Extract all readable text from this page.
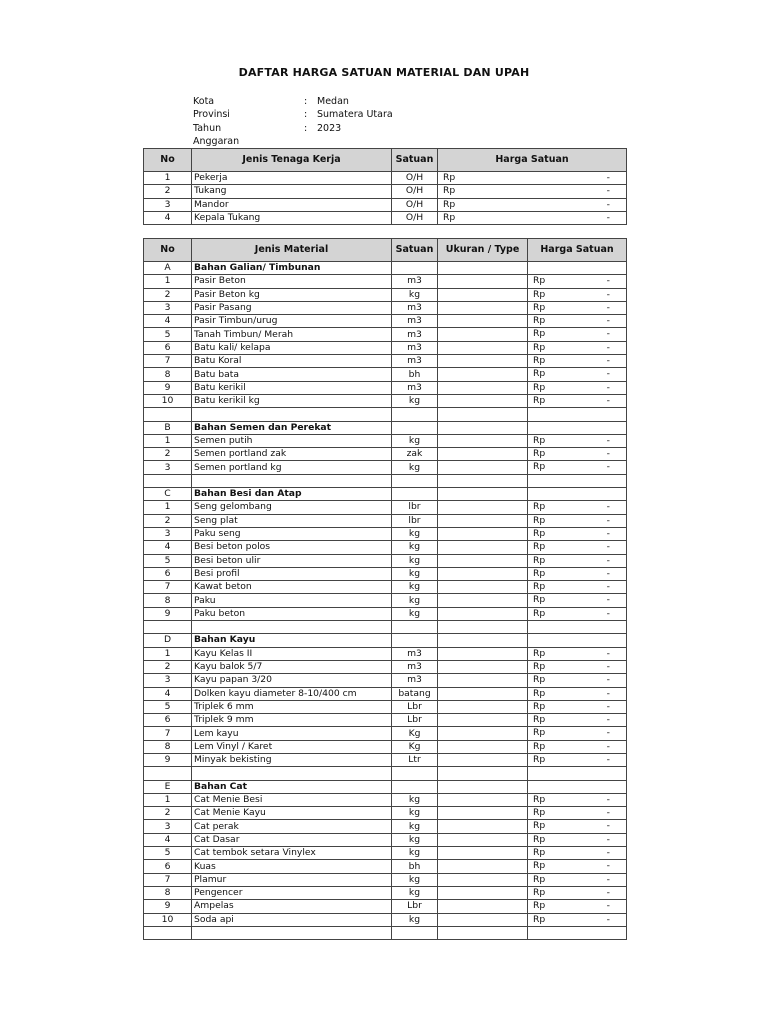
DAFTAR HARGA SATUAN MATERIAL DAN UPAH
Kota	: Medan
Provinsi	: Sumatera Utara
Tahun Anggaran
: 2023
No	Jenis Tenaga Kerja	Satuan	Harga Satuan
1	Pekerja	O/H	Rp -

2	Tukang	O/H	Rp -

3	Mandor	O/H	Rp -

4	Kepala Tukang	O/H	Rp -
No	Jenis Material	Satuan	Ukuran / Type	Harga Satuan
A	Bahan Galian/ Timbunan			
1	Pasir Beton	m3		Rp -

2	Pasir Beton kg	kg		Rp -

3	Pasir Pasang	m3		Rp -

4	Pasir Timbun/urug	m3		Rp -

5	Tanah Timbun/ Merah	m3		Rp -

6	Batu kali/ kelapa	m3		Rp -

7	Batu Koral	m3		Rp -

8	Batu bata	bh		Rp -

9	Batu kerikil	m3		Rp -

10	Batu kerikil kg	kg		Rp -

B	Bahan Semen dan Perekat			
1	Semen putih	kg		Rp -

2	Semen portland zak	zak		Rp -

3	Semen portland kg	kg		Rp -

C	Bahan Besi dan Atap			
1	Seng gelombang	lbr		Rp -

2	Seng plat	lbr		Rp -

3	Paku seng	kg		Rp -

4	Besi beton polos	kg		Rp -

5	Besi beton ulir	kg		Rp -

6	Besi profil	kg		Rp -

7	Kawat beton	kg		Rp -

8	Paku	kg		Rp -

9	Paku beton	kg		Rp -

D	Bahan Kayu			
1	Kayu Kelas II	m3		Rp -

2	Kayu balok 5/7	m3		Rp -

3	Kayu papan 3/20	m3		Rp -

4	Dolken kayu diameter 8-10/400 cm	batang		Rp -

5	Triplek 6 mm	Lbr		Rp -

6	Triplek 9 mm	Lbr		Rp -

7	Lem kayu	Kg		Rp -

8	Lem Vinyl / Karet	Kg		Rp -

9	Minyak bekisting	Ltr		Rp -

E	Bahan Cat			
1	Cat Menie Besi	kg		Rp -

2	Cat Menie Kayu	kg		Rp -

3	Cat perak	kg		Rp -

4	Cat Dasar	kg		Rp -

5	Cat tembok setara Vinylex	kg		Rp -

6	Kuas	bh		Rp -

7	Plamur	kg		Rp -

8	Pengencer	kg		Rp -

9	Ampelas	Lbr		Rp -

10	Soda api	kg		Rp -
